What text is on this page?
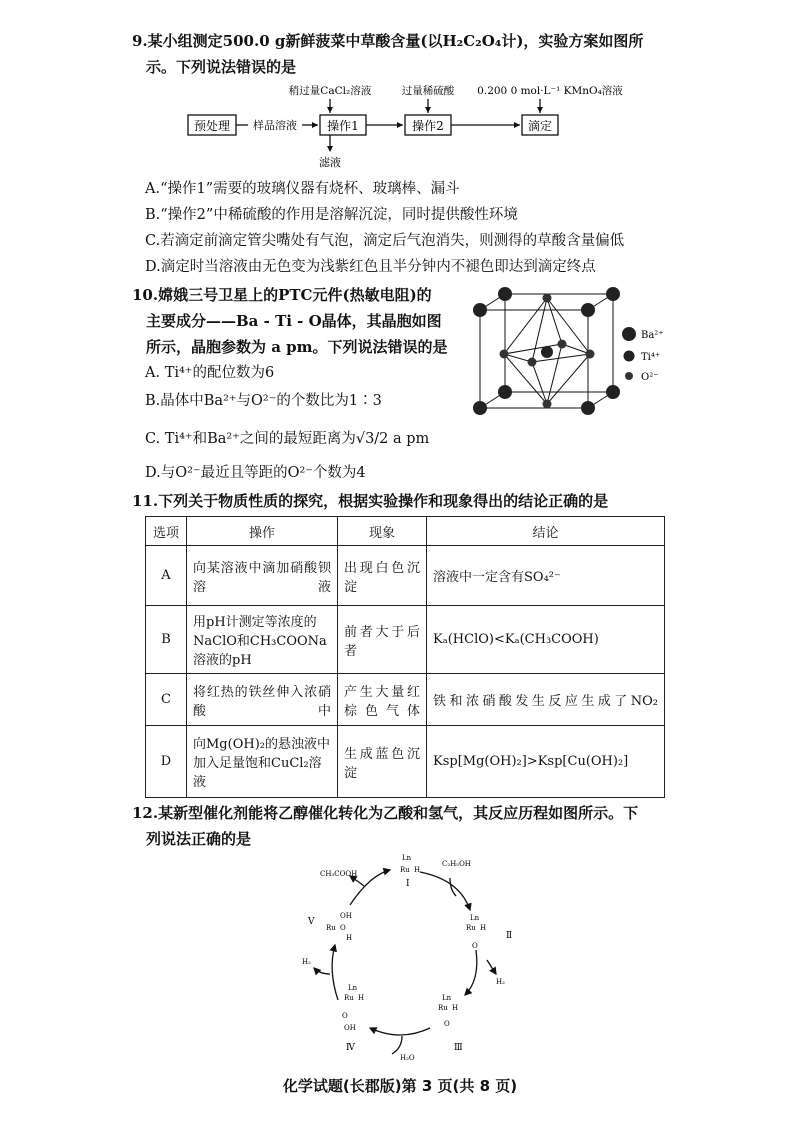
9.某小组测定500.0 g新鲜菠菜中草酸含量(以H₂C₂O₄计)，实验方案如图所
示。下列说法错误的是
预处理 样品溶液	操作1	操作2	滴定
稍过量CaCl₂溶液	过量稀硫酸 0.200 0 mol·L⁻¹ KMnO₄溶液
滤液
A.“操作1”需要的玻璃仪器有烧杯、玻璃棒、漏斗
B.“操作2”中稀硫酸的作用是溶解沉淀，同时提供酸性环境
C.若滴定前滴定管尖嘴处有气泡，滴定后气泡消失，则测得的草酸含量偏低
D.滴定时当溶液由无色变为浅紫红色且半分钟内不褪色即达到滴定终点
10.嫦娥三号卫星上的PTC元件(热敏电阻)的
主要成分——Ba - Ti - O晶体，其晶胞如图
所示，晶胞参数为 a pm。下列说法错误的是
A. Ti⁴⁺的配位数为6
B.晶体中Ba²⁺与O²⁻的个数比为1∶3
C. Ti⁴⁺和Ba²⁺之间的最短距离为√3/2 a pm
D.与O²⁻最近且等距的O²⁻个数为4
Ba²⁺
Ti⁴⁺
O²⁻
11.下列关于物质性质的探究，根据实验操作和现象得出的结论正确的是
选项	操作	现象	结论
A	向某溶液中滴加硝酸钡溶液	出现白色沉淀	溶液中一定含有SO₄²⁻
B	用pH计测定等浓度的NaClO和CH₃COONa溶液的pH	前者大于后者	Kₐ(HClO)<Kₐ(CH₃COOH)
C	将红热的铁丝伸入浓硝酸中	产生大量红棕色气体	铁和浓硝酸发生反应生成了NO₂
D	向Mg(OH)₂的悬浊液中加入足量饱和CuCl₂溶液	生成蓝色沉淀	Ksp[Mg(OH)₂]>Ksp[Cu(OH)₂]
12.某新型催化剂能将乙醇催化转化为乙酸和氢气，其反应历程如图所示。下
列说法正确的是
Ln
Ru H
Ⅰ
Ln
Ru H
O
Ⅱ
Ln
Ru H
O
Ⅲ
Ln
Ru H
O
OH
Ⅳ
OH
Ru O
H
Ⅴ
CH₃COOH
C₂H₅OH
H₂
H₂O
H₂
化学试题(长郡版)第 3 页(共 8 页)
